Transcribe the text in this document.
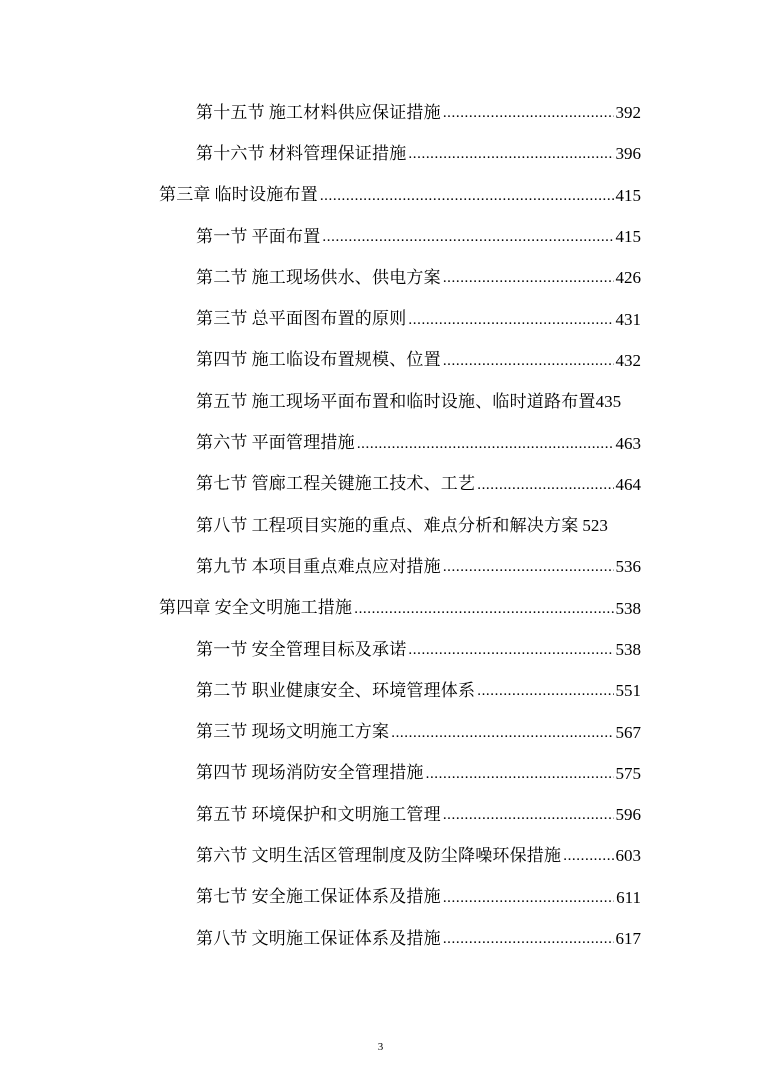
第十五节 施工材料供应保证措施 .....	392
第十六节 材料管理保证措施 .....	396
第三章 临时设施布置 .....	415
第一节 平面布置 .....	415
第二节 施工现场供水、供电方案 .....	426
第三节 总平面图布置的原则 .....	431
第四节 施工临设布置规模、位置 .....	432
第五节 施工现场平面布置和临时设施、临时道路布置 435
第六节 平面管理措施 .....	463
第七节 管廊工程关键施工技术、工艺 .....	464
第八节 工程项目实施的重点、难点分析和解决方案 523
第九节 本项目重点难点应对措施 .....	536
第四章 安全文明施工措施 .....	538
第一节 安全管理目标及承诺 .....	538
第二节 职业健康安全、环境管理体系 .....	551
第三节 现场文明施工方案 .....	567
第四节 现场消防安全管理措施 .....	575
第五节 环境保护和文明施工管理 .....	596
第六节 文明生活区管理制度及防尘降噪环保措施 .....	603
第七节 安全施工保证体系及措施 .....	611
第八节 文明施工保证体系及措施 .....	617
3
